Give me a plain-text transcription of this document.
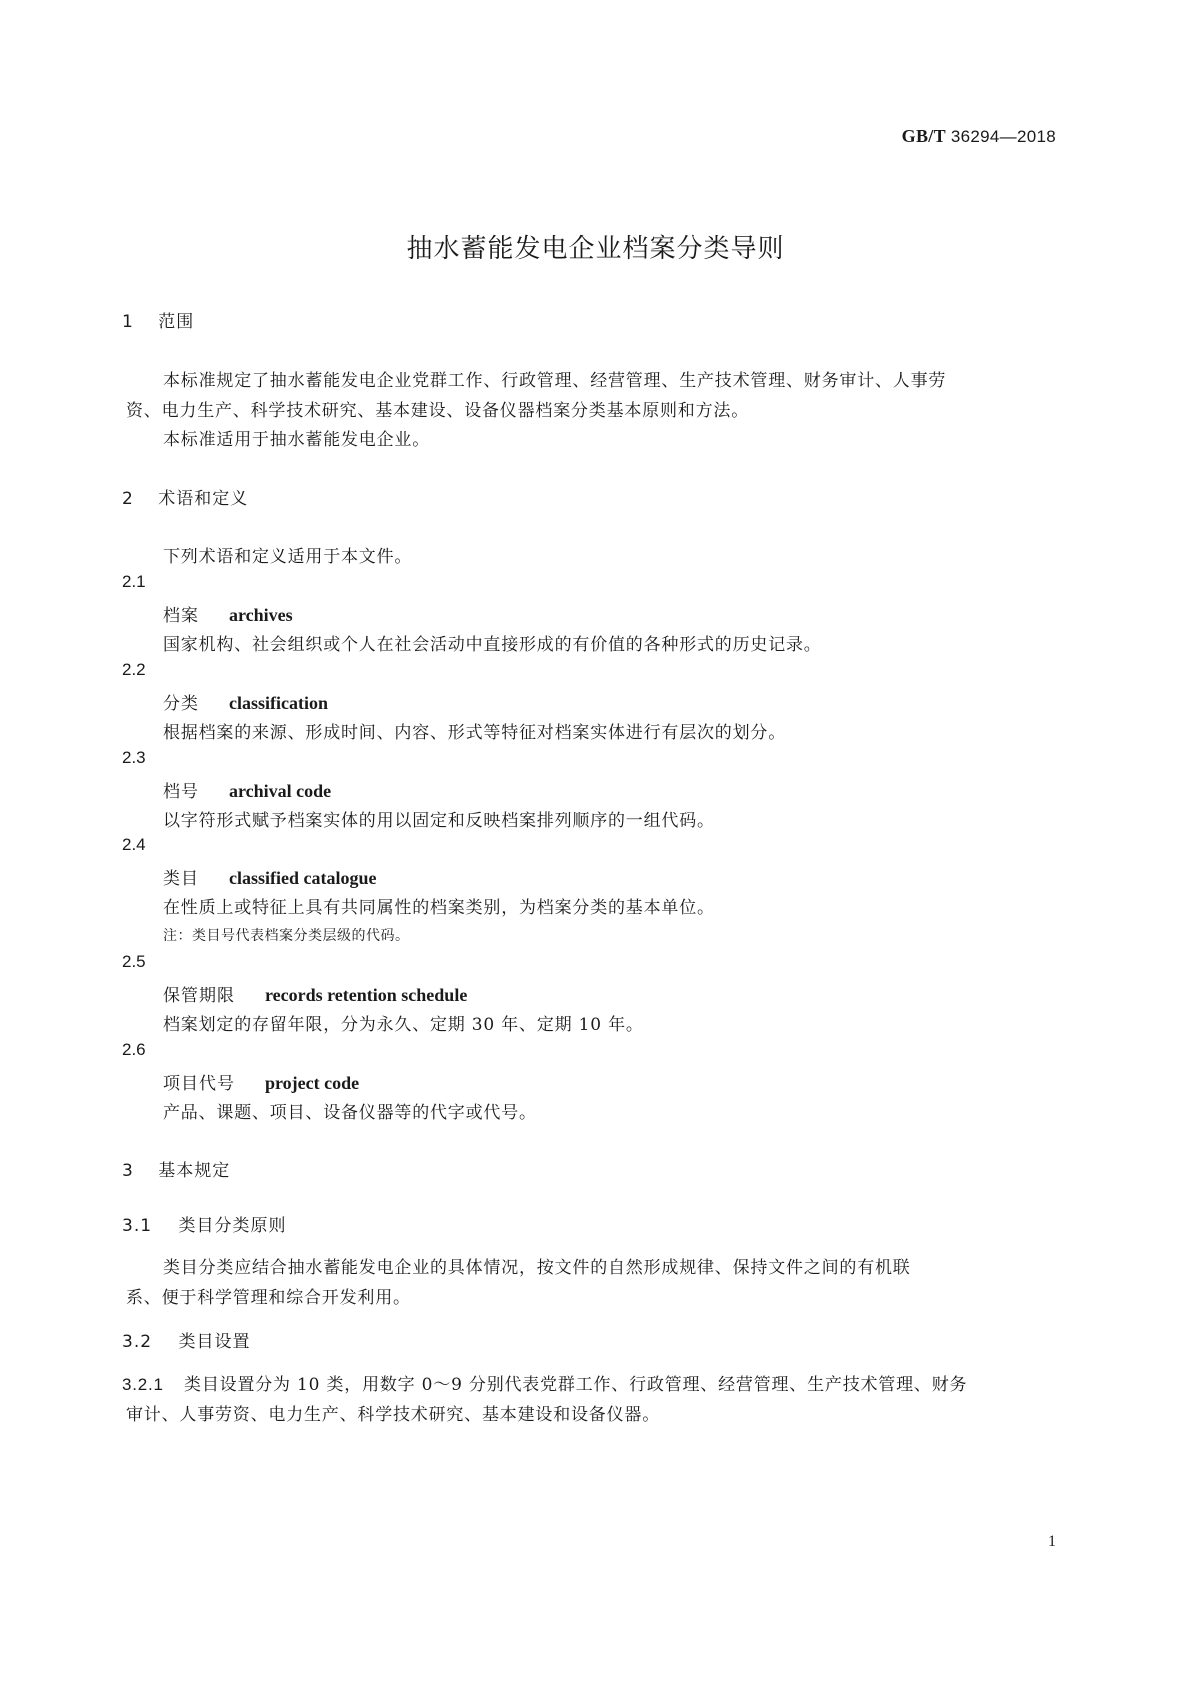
GB/T 36294—2018
抽水蓄能发电企业档案分类导则
1 范围
本标准规定了抽水蓄能发电企业党群工作、行政管理、经营管理、生产技术管理、财务审计、人事劳
资、电力生产、科学技术研究、基本建设、设备仪器档案分类基本原则和方法。
本标准适用于抽水蓄能发电企业。
2 术语和定义
下列术语和定义适用于本文件。
2.1
档案 archives
国家机构、社会组织或个人在社会活动中直接形成的有价值的各种形式的历史记录。
2.2
分类 classification
根据档案的来源、形成时间、内容、形式等特征对档案实体进行有层次的划分。
2.3
档号 archival code
以字符形式赋予档案实体的用以固定和反映档案排列顺序的一组代码。
2.4
类目 classified catalogue
在性质上或特征上具有共同属性的档案类别，为档案分类的基本单位。
注：类目号代表档案分类层级的代码。
2.5
保管期限 records retention schedule
档案划定的存留年限，分为永久、定期 30 年、定期 10 年。
2.6
项目代号 project code
产品、课题、项目、设备仪器等的代字或代号。
3 基本规定
3.1 类目分类原则
类目分类应结合抽水蓄能发电企业的具体情况，按文件的自然形成规律、保持文件之间的有机联
系、便于科学管理和综合开发利用。
3.2 类目设置
3.2.1 类目设置分为 10 类，用数字 0～9 分别代表党群工作、行政管理、经营管理、生产技术管理、财务
审计、人事劳资、电力生产、科学技术研究、基本建设和设备仪器。
1
